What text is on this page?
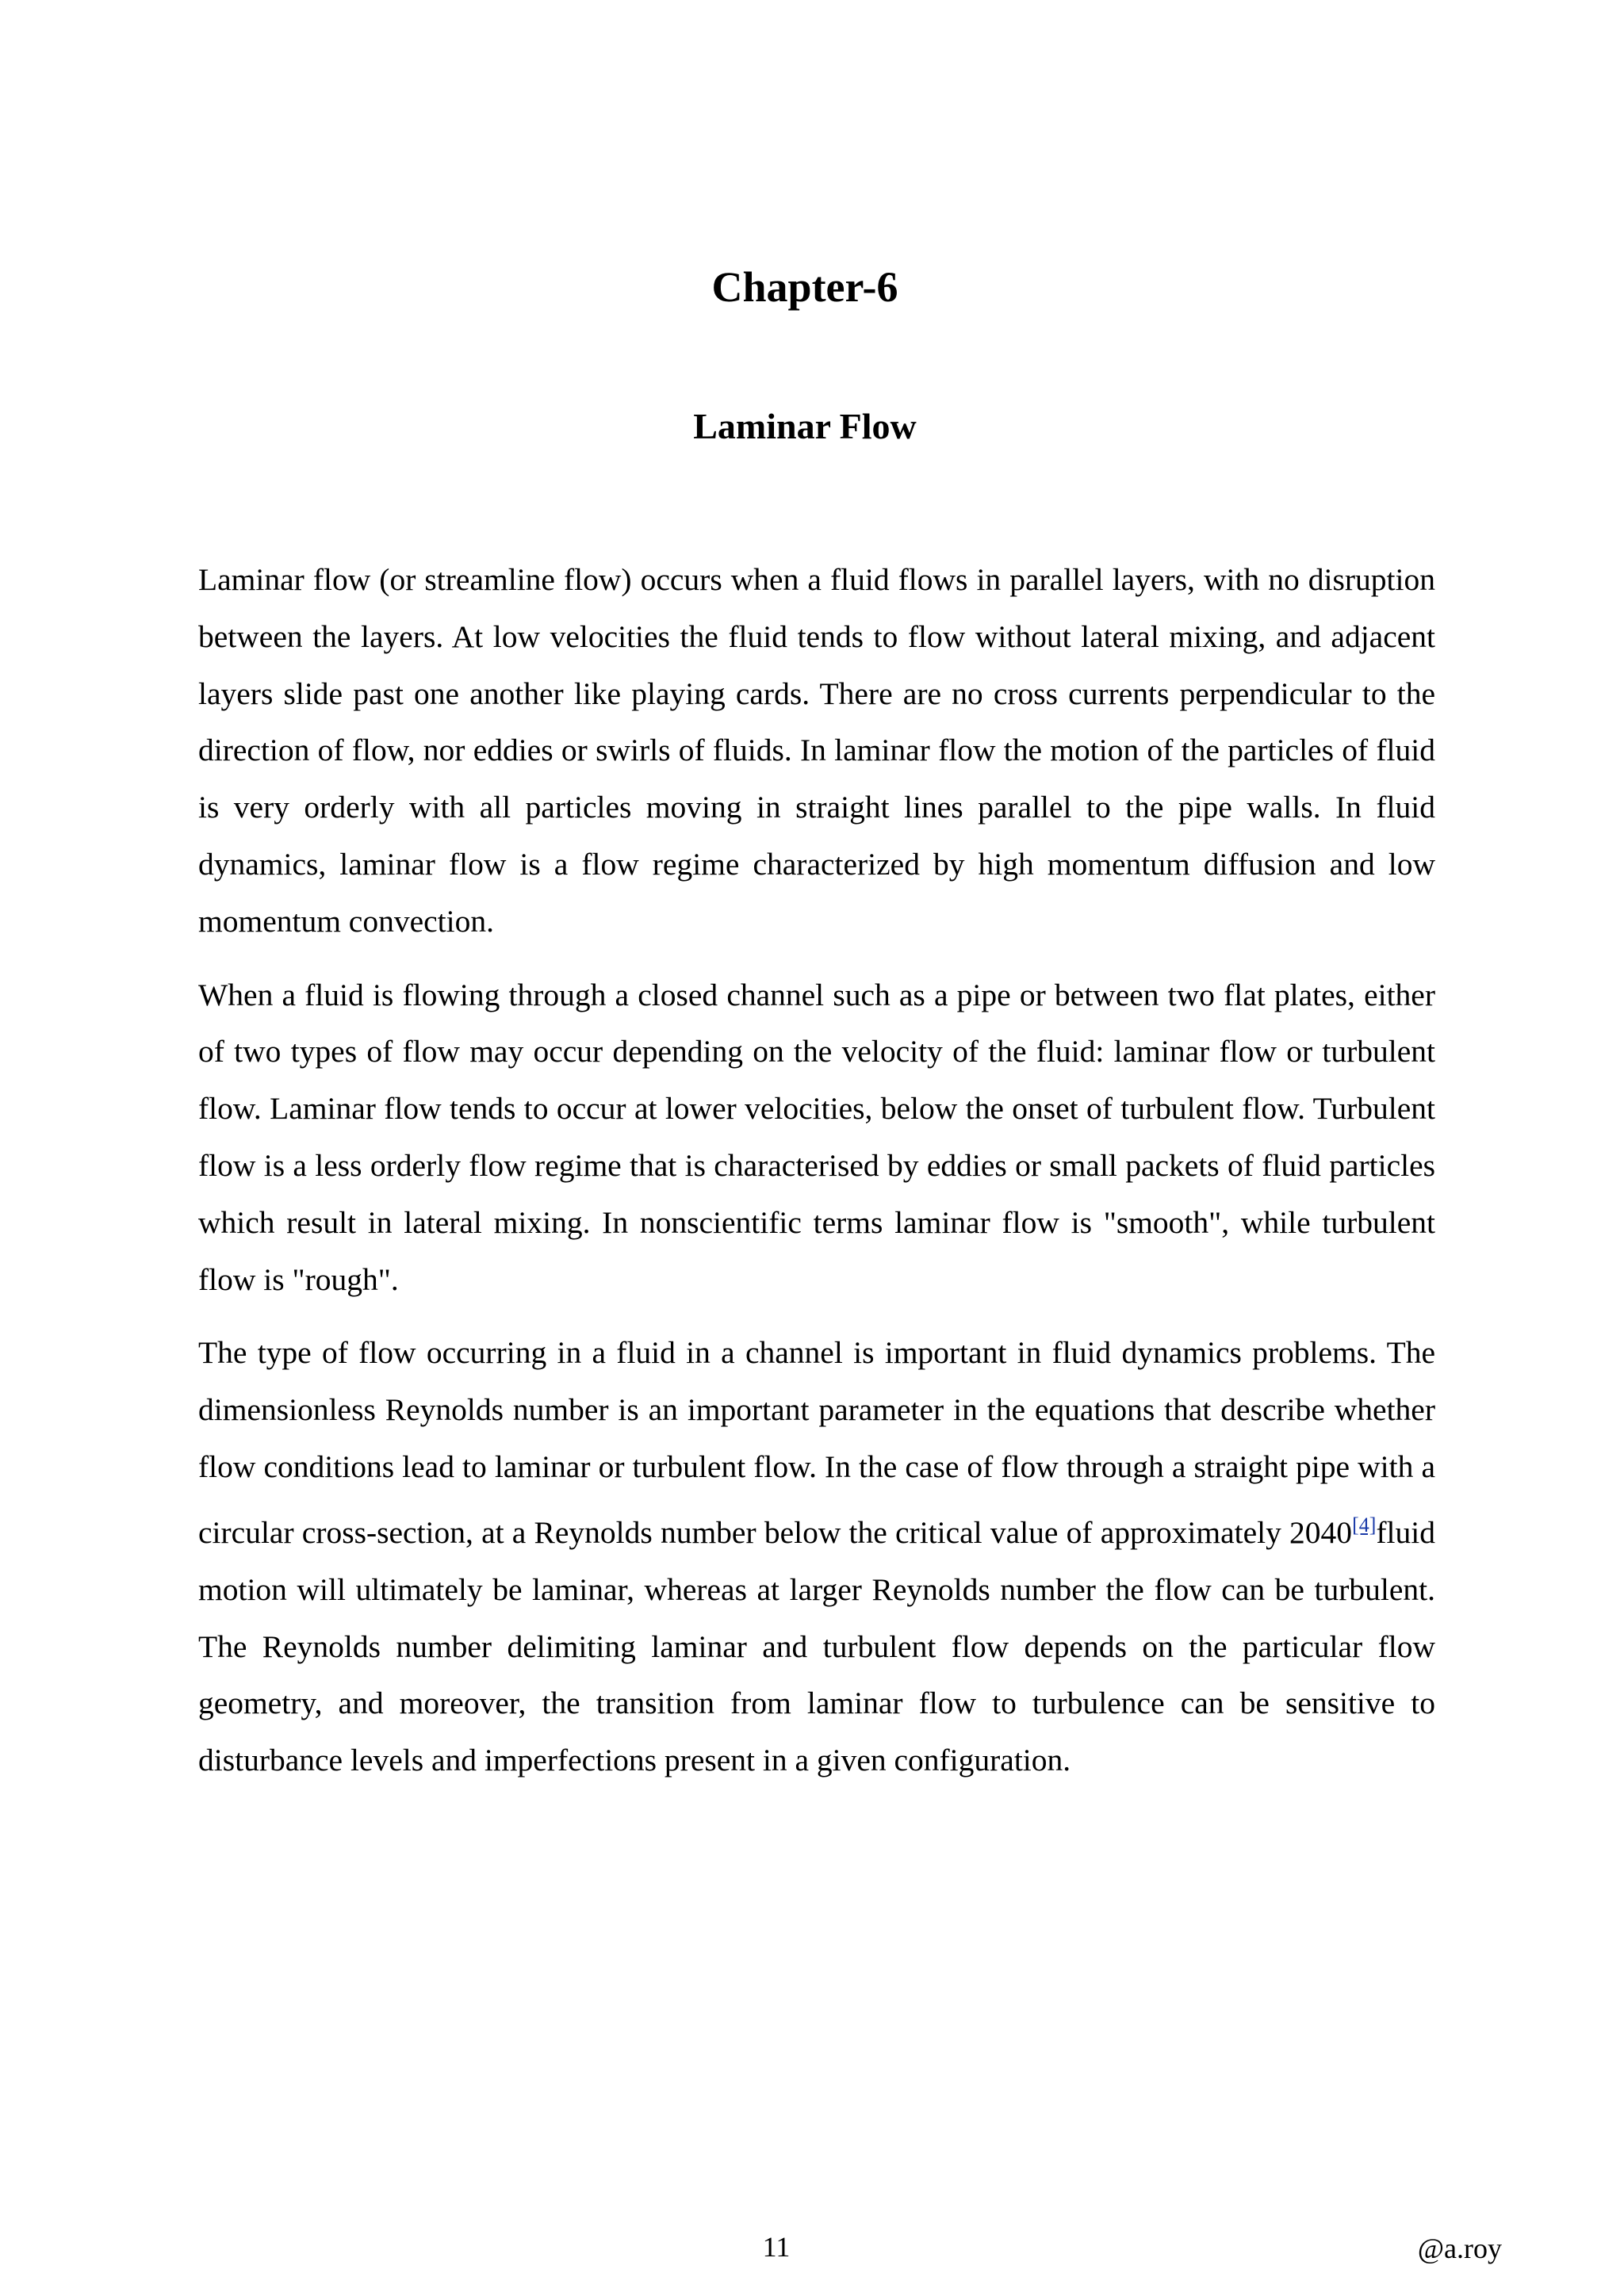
Chapter-6
Laminar Flow

Laminar flow (or streamline flow) occurs when a fluid flows in parallel layers, with no disruption between the layers. At low velocities the fluid tends to flow without lateral mixing, and adjacent layers slide past one another like playing cards. There are no cross currents perpendicular to the direction of flow, nor eddies or swirls of fluids. In laminar flow the motion of the particles of fluid is very orderly with all particles moving in straight lines parallel to the pipe walls. In fluid dynamics, laminar flow is a flow regime characterized by high momentum diffusion and low momentum convection.

When a fluid is flowing through a closed channel such as a pipe or between two flat plates, either of two types of flow may occur depending on the velocity of the fluid: laminar flow or turbulent flow. Laminar flow tends to occur at lower velocities, below the onset of turbulent flow. Turbulent flow is a less orderly flow regime that is characterised by eddies or small packets of fluid particles which result in lateral mixing. In nonscientific terms laminar flow is "smooth", while turbulent flow is "rough".

The type of flow occurring in a fluid in a channel is important in fluid dynamics problems. The dimensionless Reynolds number is an important parameter in the equations that describe whether flow conditions lead to laminar or turbulent flow. In the case of flow through a straight pipe with a circular cross-section, at a Reynolds number below the critical value of approximately 2040[4]fluid motion will ultimately be laminar, whereas at larger Reynolds number the flow can be turbulent. The Reynolds number delimiting laminar and turbulent flow depends on the particular flow geometry, and moreover, the transition from laminar flow to turbulence can be sensitive to disturbance levels and imperfections present in a given configuration.

11	@a.roy
